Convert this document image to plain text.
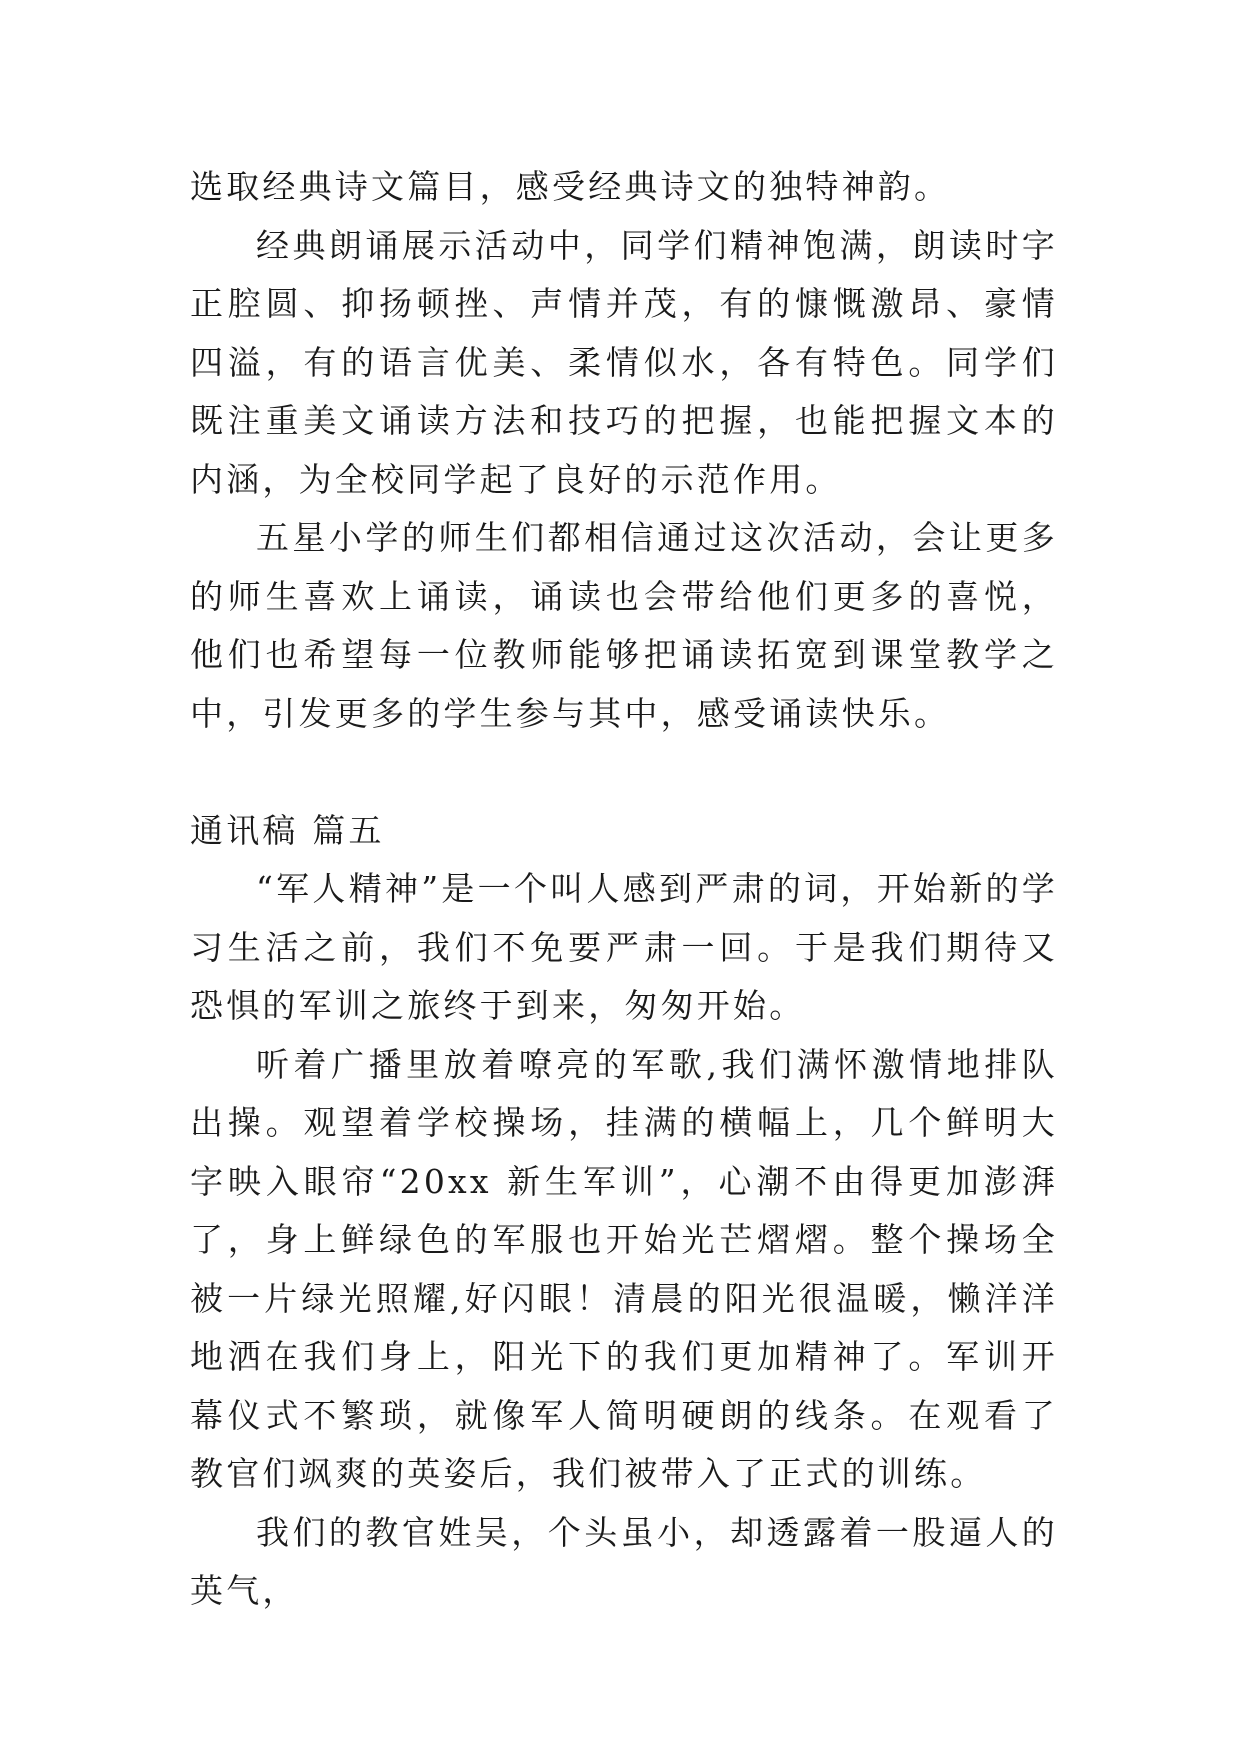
选取经典诗文篇目，感受经典诗文的独特神韵。

经典朗诵展示活动中，同学们精神饱满，朗读时字正腔圆、抑扬顿挫、声情并茂，有的慷慨激昂、豪情四溢，有的语言优美、柔情似水，各有特色。同学们既注重美文诵读方法和技巧的把握，也能把握文本的内涵，为全校同学起了良好的示范作用。

五星小学的师生们都相信通过这次活动，会让更多的师生喜欢上诵读，诵读也会带给他们更多的喜悦，他们也希望每一位教师能够把诵读拓宽到课堂教学之中，引发更多的学生参与其中，感受诵读快乐。

通讯稿 篇五

“军人精神”是一个叫人感到严肃的词，开始新的学习生活之前，我们不免要严肃一回。于是我们期待又恐惧的军训之旅终于到来，匆匆开始。

听着广播里放着嘹亮的军歌,我们满怀激情地排队出操。观望着学校操场，挂满的横幅上，几个鲜明大字映入眼帘“20xx 新生军训”，心潮不由得更加澎湃了，身上鲜绿色的军服也开始光芒熠熠。整个操场全被一片绿光照耀,好闪眼！清晨的阳光很温暖，懒洋洋地洒在我们身上，阳光下的我们更加精神了。军训开幕仪式不繁琐，就像军人简明硬朗的线条。在观看了教官们飒爽的英姿后，我们被带入了正式的训练。

我们的教官姓吴，个头虽小，却透露着一股逼人的英气，
